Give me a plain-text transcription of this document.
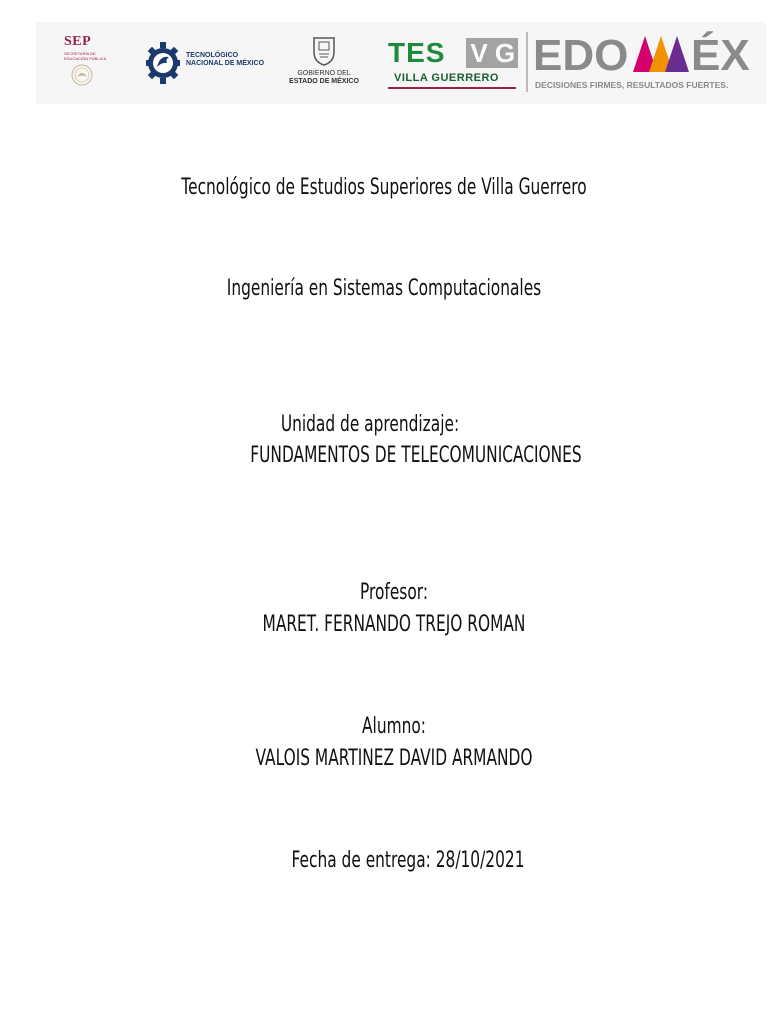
SEP
SECRETARÍA DE EDUCACIÓN PÚBLICA	TECNOLÓGICO
NACIONAL DE MÉXICO
GOBIERNO DEL
ESTADO DE MÉXICO
TES V G
VILLA GUERRERO EDO ÉX
DECISIONES FIRMES, RESULTADOS FUERTES.
Tecnológico de Estudios Superiores de Villa Guerrero
Ingeniería en Sistemas Computacionales
Unidad de aprendizaje:
FUNDAMENTOS DE TELECOMUNICACIONES
Profesor:
MARET. FERNANDO TREJO ROMAN
Alumno:
VALOIS MARTINEZ DAVID ARMANDO
Fecha de entrega: 28/10/2021
